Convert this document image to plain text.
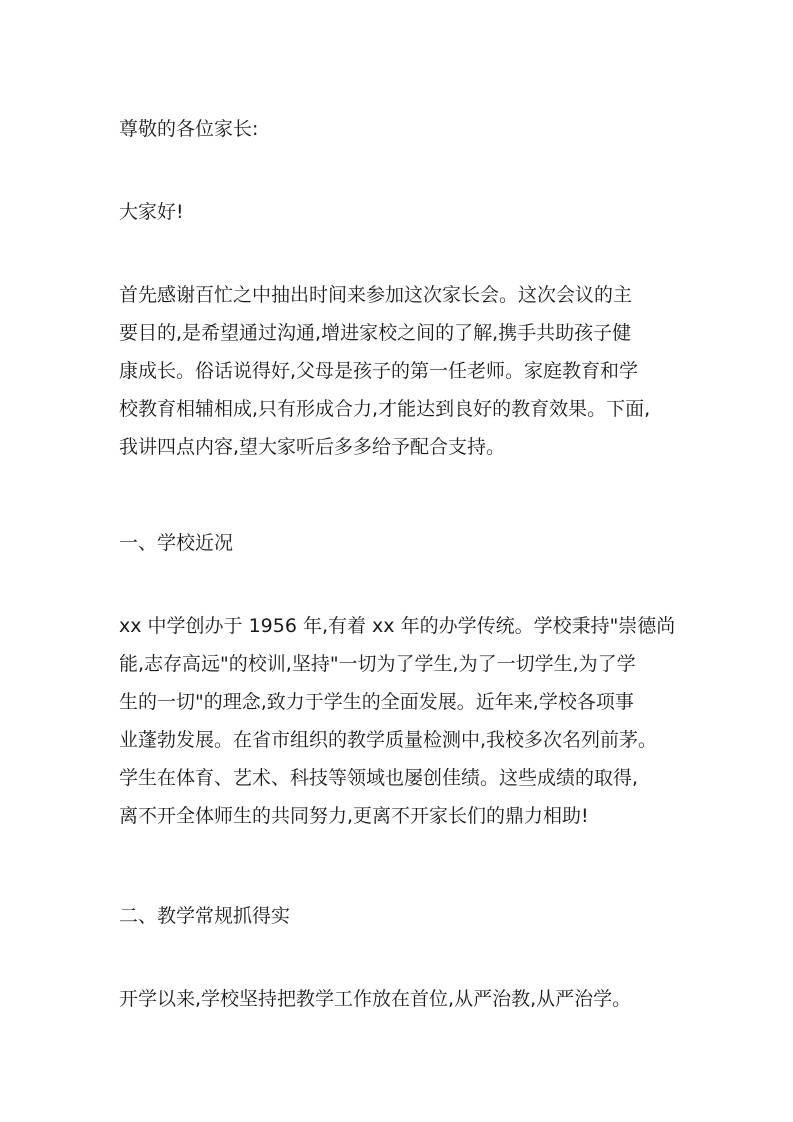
尊敬的各位家长:

大家好!

首先感谢百忙之中抽出时间来参加这次家长会。这次会议的主
要目的,是希望通过沟通,增进家校之间的了解,携手共助孩子健
康成长。俗话说得好,父母是孩子的第一任老师。家庭教育和学
校教育相辅相成,只有形成合力,才能达到良好的教育效果。下面,
我讲四点内容,望大家听后多多给予配合支持。

一、学校近况

xx 中学创办于 1956 年,有着 xx 年的办学传统。学校秉持"崇德尚
能,志存高远"的校训,坚持"一切为了学生,为了一切学生,为了学
生的一切"的理念,致力于学生的全面发展。近年来,学校各项事
业蓬勃发展。在省市组织的教学质量检测中,我校多次名列前茅。
学生在体育、艺术、科技等领域也屡创佳绩。这些成绩的取得,
离不开全体师生的共同努力,更离不开家长们的鼎力相助!

二、教学常规抓得实

开学以来,学校坚持把教学工作放在首位,从严治教,从严治学。
